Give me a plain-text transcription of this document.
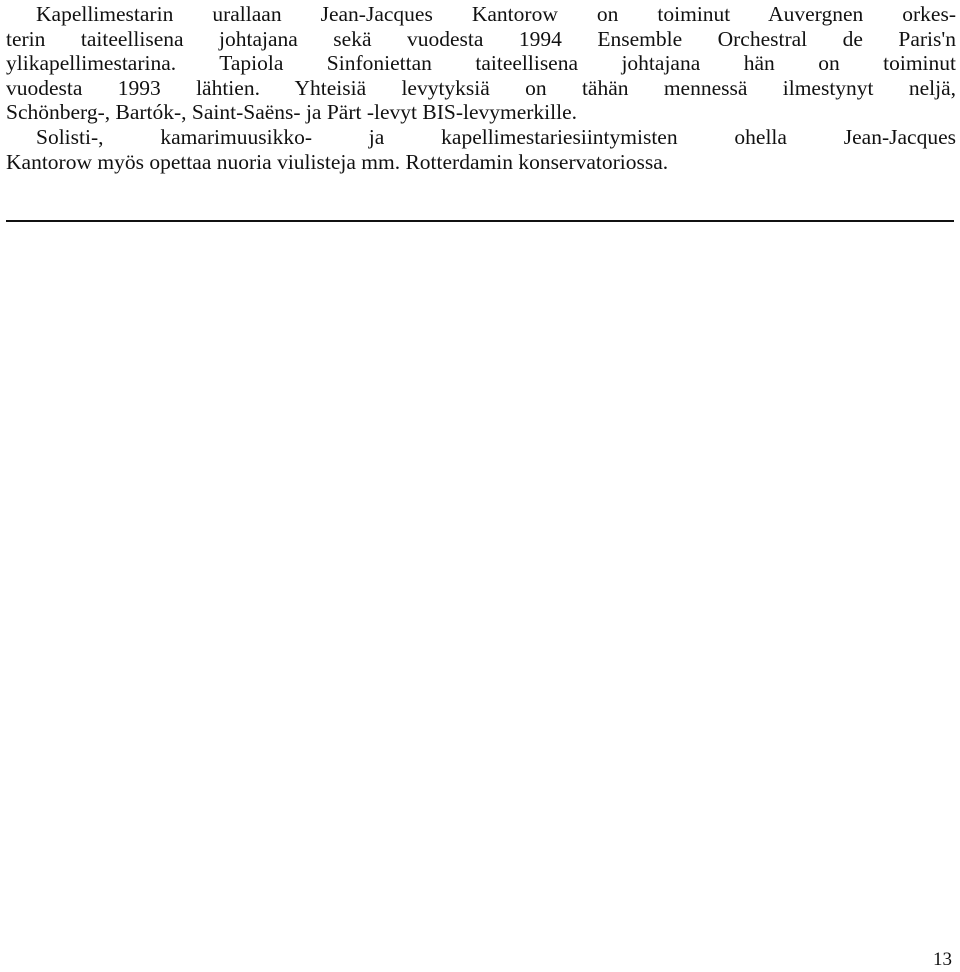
Kapellimestarin urallaan Jean-Jacques Kantorow on toiminut Auvergnen orkes-
terin taiteellisena johtajana sekä vuodesta 1994 Ensemble Orchestral de Paris'n
ylikapellimestarina. Tapiola Sinfoniettan taiteellisena johtajana hän on toiminut
vuodesta 1993 lähtien. Yhteisiä levytyksiä on tähän mennessä ilmestynyt neljä,
Schönberg-, Bartók-, Saint-Saëns- ja Pärt -levyt BIS-levymerkille.
Solisti-, kamarimuusikko- ja kapellimestariesiintymisten ohella Jean-Jacques
Kantorow myös opettaa nuoria viulisteja mm. Rotterdamin konservatoriossa.
13
